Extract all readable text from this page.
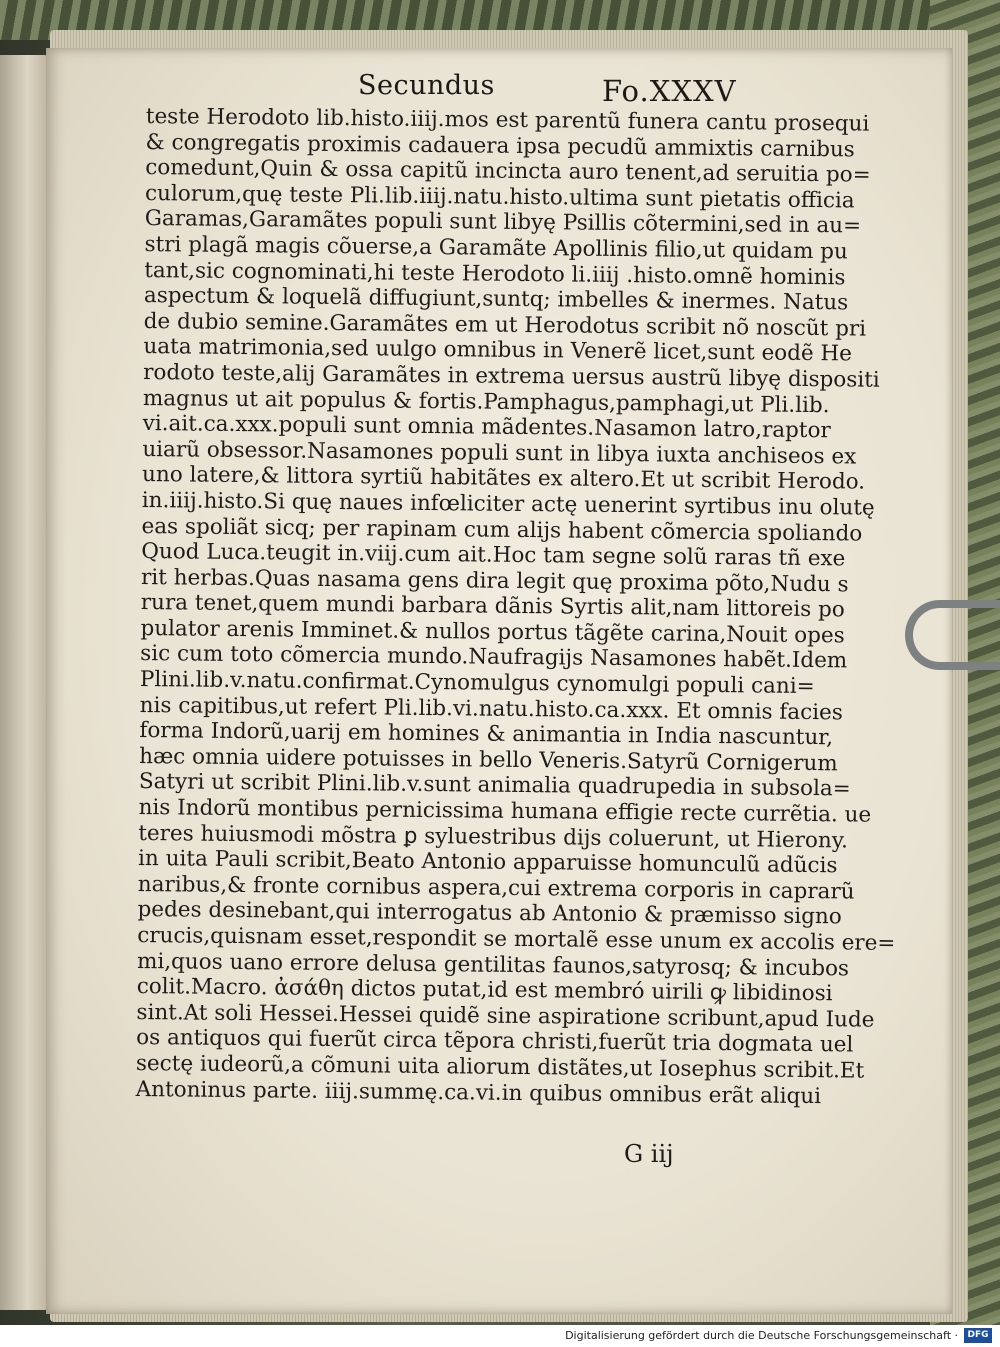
Secundus	Fo.XXXV
teste Herodoto lib.histo.iiij.mos est parentũ funera cantu prosequi
& congregatis proximis cadauera ipsa pecudũ ammixtis carnibus
comedunt,Quin & ossa capitũ incincta auro tenent,ad seruitia po=
culorum,quę teste Pli.lib.iiij.natu.histo.ultima sunt pietatis officia
Garamas,Garamãtes populi sunt libyę Psillis cõtermini,sed in au=
stri plagã magis cõuerse,a Garamãte Apollinis filio,ut quidam pu
tant,sic cognominati,hi teste Herodoto li.iiij .histo.omnẽ hominis
aspectum & loquelã diffugiunt,suntq; imbelles & inermes. Natus
de dubio semine.Garamãtes em ut Herodotus scribit nõ noscũt pri
uata matrimonia,sed uulgo omnibus in Venerẽ licet,sunt eodẽ He
rodoto teste,alij Garamãtes in extrema uersus austrũ libyę dispositi
magnus ut ait populus & fortis.Pamphagus,pamphagi,ut Pli.lib.
vi.ait.ca.xxx.populi sunt omnia mãdentes.Nasamon latro,raptor
uiarũ obsessor.Nasamones populi sunt in libya iuxta anchiseos ex
uno latere,& littora syrtiũ habitãtes ex altero.Et ut scribit Herodo.
in.iiij.histo.Si quę naues infœliciter actę uenerint syrtibus inu olutę
eas spoliãt sicq; per rapinam cum alijs habent cõmercia spoliando
Quod Luca.teugit in.viij.cum ait.Hoc tam segne solũ raras tñ exe
rit herbas.Quas nasama gens dira legit quę proxima põto,Nudu s
rura tenet,quem mundi barbara dãnis Syrtis alit,nam littoreis po
pulator arenis Imminet.& nullos portus tãgẽte carina,Nouit opes
sic cum toto cõmercia mundo.Naufragijs Nasamones habẽt.Idem
Plini.lib.v.natu.confirmat.Cynomulgus cynomulgi populi cani=
nis capitibus,ut refert Pli.lib.vi.natu.histo.ca.xxx. Et omnis facies
forma Indorũ,uarij em homines & animantia in India nascuntur,
hæc omnia uidere potuisses in bello Veneris.Satyrũ Cornigerum
Satyri ut scribit Plini.lib.v.sunt animalia quadrupedia in subsola=
nis Indorũ montibus pernicissima humana effigie recte currẽtia. ue
teres huiusmodi mõstra ꝑ syluestribus dijs coluerunt, ut Hierony.
in uita Pauli scribit,Beato Antonio apparuisse homunculũ adũcis
naribus,& fronte cornibus aspera,cui extrema corporis in caprarũ
pedes desinebant,qui interrogatus ab Antonio & præmisso signo
crucis,quisnam esset,respondit se mortalẽ esse unum ex accolis ere=
mi,quos uano errore delusa gentilitas faunos,satyrosq; & incubos
colit.Macro. ἀσάθη dictos putat,id est membró uirili ꝙ libidinosi
sint.At soli Hessei.Hessei quidẽ sine aspiratione scribunt,apud Iude
os antiquos qui fuerũt circa tẽpora christi,fuerũt tria dogmata uel
sectę iudeorũ,a cõmuni uita aliorum distãtes,ut Iosephus scribit.Et
Antoninus parte. iiij.summę.ca.vi.in quibus omnibus erãt aliqui
G iij
Digitalisierung gefördert durch die Deutsche Forschungsgemeinschaft ·	DFG
